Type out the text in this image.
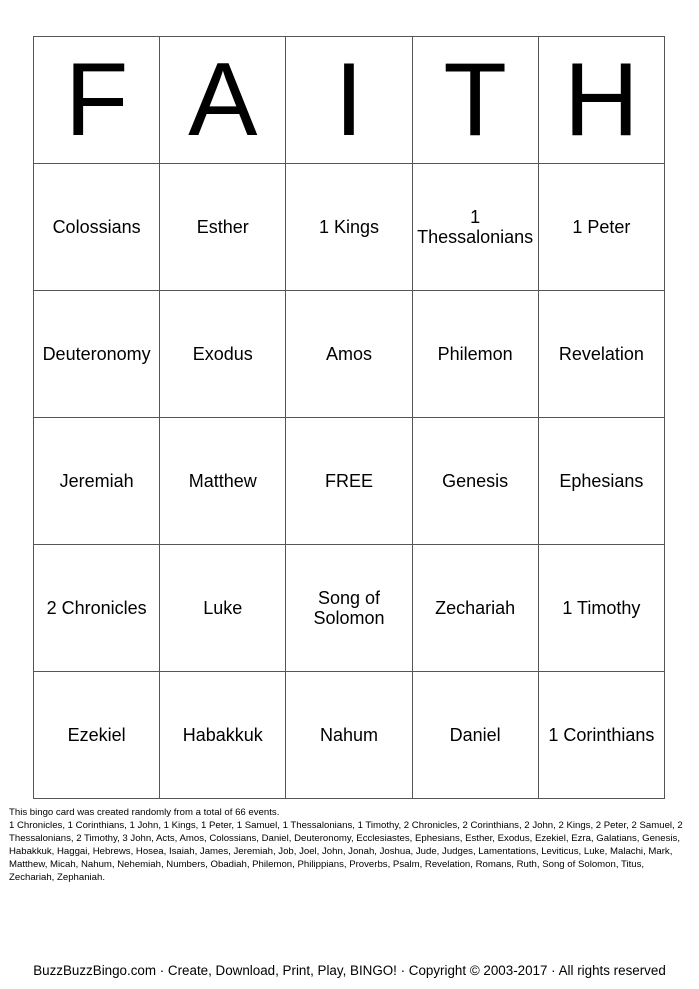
F	A	I	T	H
Colossians	Esther	1 Kings	1 Thessalonians	1 Peter
Deuteronomy	Exodus	Amos	Philemon	Revelation
Jeremiah	Matthew	FREE	Genesis	Ephesians
2 Chronicles	Luke	Song of Solomon	Zechariah	1 Timothy
Ezekiel	Habakkuk	Nahum	Daniel	1 Corinthians

This bingo card was created randomly from a total of 66 events.

1 Chronicles, 1 Corinthians, 1 John, 1 Kings, 1 Peter, 1 Samuel, 1 Thessalonians, 1 Timothy, 2 Chronicles, 2 Corinthians, 2 John, 2 Kings, 2 Peter, 2 Samuel, 2 Thessalonians, 2 Timothy, 3 John, Acts, Amos, Colossians, Daniel, Deuteronomy, Ecclesiastes, Ephesians, Esther, Exodus, Ezekiel, Ezra, Galatians, Genesis, Habakkuk, Haggai, Hebrews, Hosea, Isaiah, James, Jeremiah, Job, Joel, John, Jonah, Joshua, Jude, Judges, Lamentations, Leviticus, Luke, Malachi, Mark, Matthew, Micah, Nahum, Nehemiah, Numbers, Obadiah, Philemon, Philippians, Proverbs, Psalm, Revelation, Romans, Ruth, Song of Solomon, Titus, Zechariah, Zephaniah.

BuzzBuzzBingo.com · Create, Download, Print, Play, BINGO! · Copyright © 2003-2017 · All rights reserved
